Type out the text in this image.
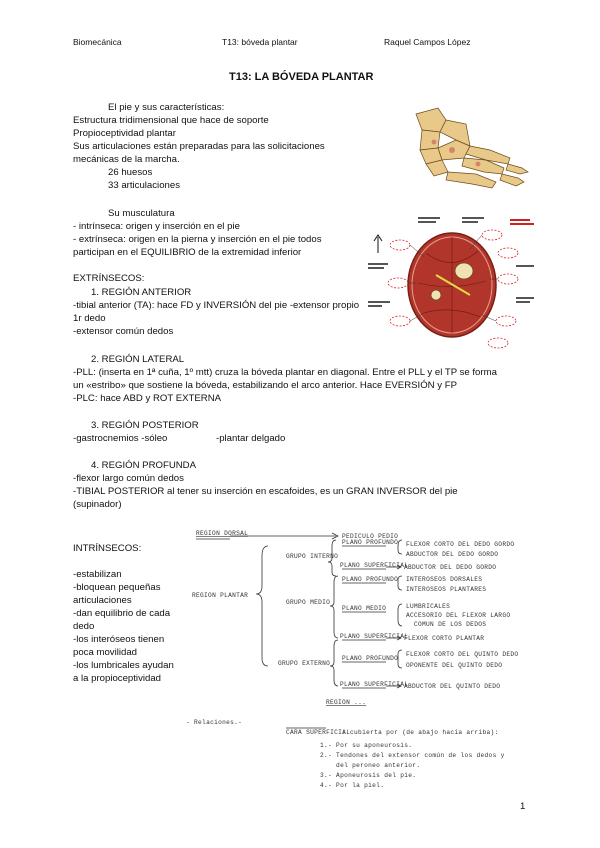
Biomecánica	T13: bóveda plantar	Raquel Campos López
T13: LA BÓVEDA PLANTAR
El pie y sus características:
Estructura tridimensional que hace de soporte
Propioceptividad plantar
Sus articulaciones están preparadas para las solicitaciones
mecánicas de la marcha.
26 huesos
33 articulaciones
Su musculatura
- intrínseca: origen y inserción en el pie
- extrínseca: origen en la pierna y inserción en el pie todos
participan en el EQUILIBRIO de la extremidad inferior
EXTRÍNSECOS:
1. REGIÓN ANTERIOR
-tibial anterior (TA): hace FD y INVERSIÓN del pie -extensor propio
1r dedo
-extensor común dedos
2. REGIÓN LATERAL
-PLL: (inserta en 1ª cuña, 1º mtt) cruza la bóveda plantar en diagonal. Entre el PLL y el TP se forma
un «estribo» que sostiene la bóveda, estabilizando el arco anterior. Hace EVERSIÓN y FP
-PLC: hace ABD y ROT EXTERNA
3. REGIÓN POSTERIOR
-gastrocnemios -sóleo	-plantar delgado
4. REGIÓN PROFUNDA
-flexor largo común dedos
-TIBIAL POSTERIOR al tener su inserción en escafoides, es un GRAN INVERSOR del pie
(supinador)
INTRÍNSECOS:
-estabilizan
-bloquean pequeñas
articulaciones
-dan equilibrio de cada
dedo
-los interóseos tienen
poca movilidad
-los lumbricales ayudan
a la propioceptividad
REGION DORSAL	PEDICULO PEDIO
REGION PLANTAR
GRUPO INTERNO
GRUPO MEDIO
GRUPO EXTERNO
PLANO PROFUNDO
PLANO SUPERFICIAL
PLANO PROFUNDO
PLANO MEDIO
PLANO SUPERFICIAL
PLANO PROFUNDO
PLANO SUPERFICIAL
FLEXOR CORTO DEL DEDO GORDO
ABDUCTOR DEL DEDO GORDO
ABDUCTOR DEL DEDO GORDO
INTEROSEOS DORSALES
INTEROSEOS PLANTARES
LUMBRICALES
ACCESORIO DEL FLEXOR LARGO
COMUN DE LOS DEDOS
FLEXOR CORTO PLANTAR
FLEXOR CORTO DEL QUINTO DEDO
OPONENTE DEL QUINTO DEDO
ABDUCTOR DEL QUINTO DEDO
REGION ...
- Relaciones.-
CARA SUPERFICIAL
: cubierta por (de abajo hacia arriba):
1.- Por su aponeurosis.
2.- Tendones del extensor común de los dedos y
del peroneo anterior.
3.- Aponeurosis del pie.
4.- Por la piel.
1
